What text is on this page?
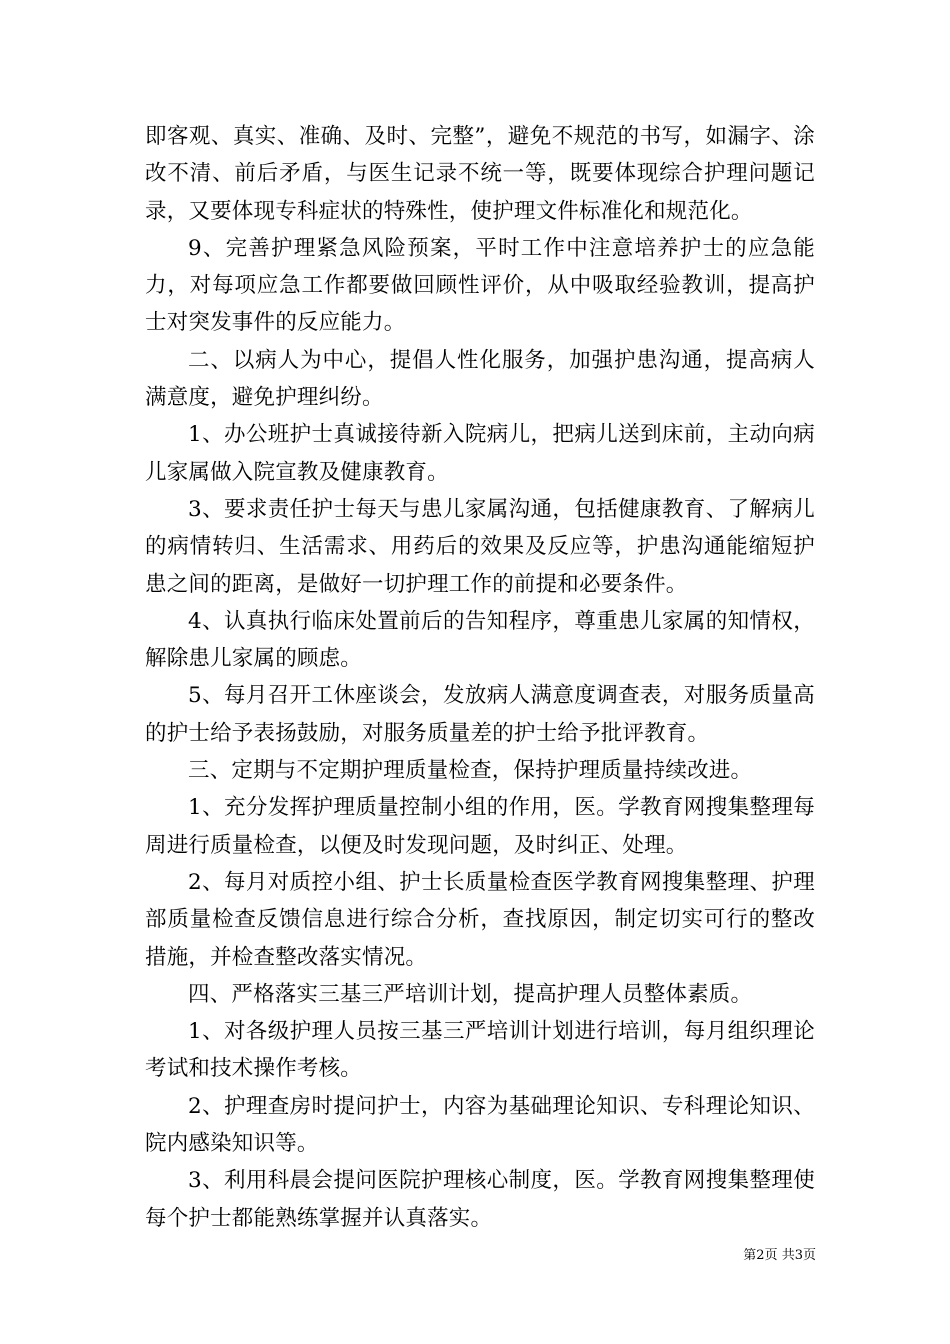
即客观、真实、准确、及时、完整”，避免不规范的书写，如漏字、涂改不清、前后矛盾，与医生记录不统一等，既要体现综合护理问题记录，又要体现专科症状的特殊性，使护理文件标准化和规范化。

9、完善护理紧急风险预案，平时工作中注意培养护士的应急能力，对每项应急工作都要做回顾性评价，从中吸取经验教训，提高护士对突发事件的反应能力。

二、以病人为中心，提倡人性化服务，加强护患沟通，提高病人满意度，避免护理纠纷。

1、办公班护士真诚接待新入院病儿，把病儿送到床前，主动向病儿家属做入院宣教及健康教育。

3、要求责任护士每天与患儿家属沟通，包括健康教育、了解病儿的病情转归、生活需求、用药后的效果及反应等，护患沟通能缩短护患之间的距离，是做好一切护理工作的前提和必要条件。

4、认真执行临床处置前后的告知程序，尊重患儿家属的知情权，解除患儿家属的顾虑。

5、每月召开工休座谈会，发放病人满意度调查表，对服务质量高的护士给予表扬鼓励，对服务质量差的护士给予批评教育。

三、定期与不定期护理质量检查，保持护理质量持续改进。

1、充分发挥护理质量控制小组的作用，医。学教育网搜集整理每周进行质量检查，以便及时发现问题，及时纠正、处理。

2、每月对质控小组、护士长质量检查医学教育网搜集整理、护理部质量检查反馈信息进行综合分析，查找原因，制定切实可行的整改措施，并检查整改落实情况。

四、严格落实三基三严培训计划，提高护理人员整体素质。

1、对各级护理人员按三基三严培训计划进行培训，每月组织理论考试和技术操作考核。

2、护理查房时提问护士，内容为基础理论知识、专科理论知识、院内感染知识等。

3、利用科晨会提问医院护理核心制度，医。学教育网搜集整理使每个护士都能熟练掌握并认真落实。

第2页 共3页
